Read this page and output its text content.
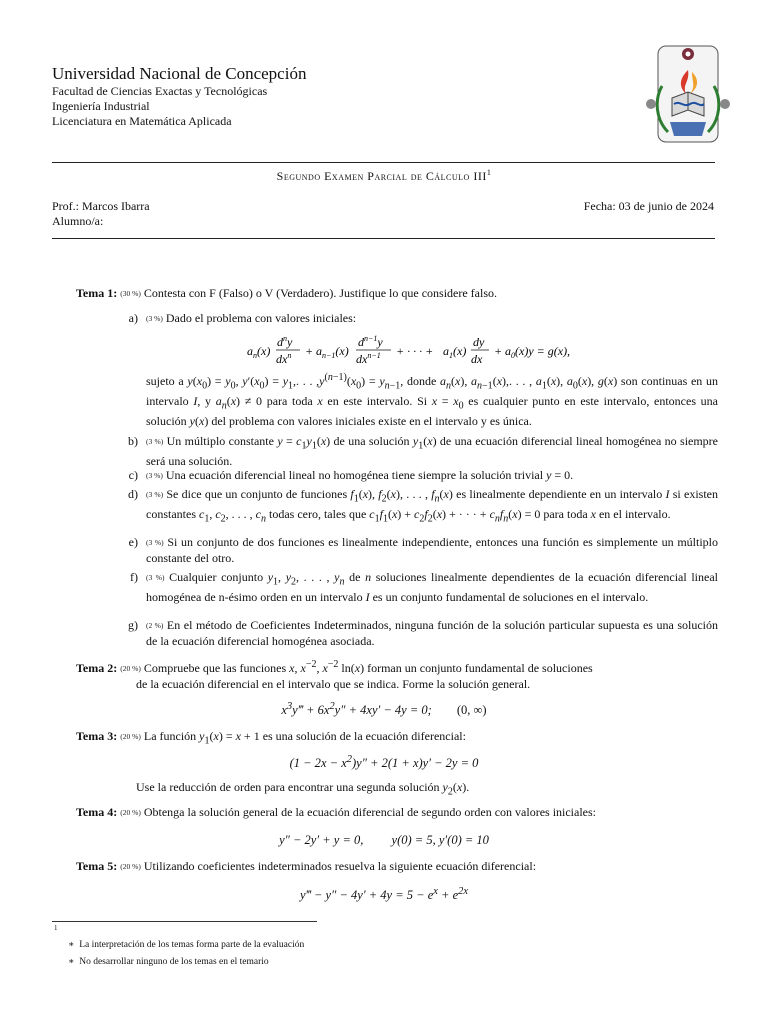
Universidad Nacional de Concepción
Facultad de Ciencias Exactas y Tecnológicas
Ingeniería Industrial
Licenciatura en Matemática Aplicada
Segundo Examen Parcial de Cálculo III$^1$
Prof.: Marcos Ibarra
Alumno/a:
Fecha: 03 de junio de 2024
Tema 1: (30 %) Contesta con F (Falso) o V (Verdadero). Justifique lo que considere falso.
a) (3 %) Dado el problema con valores iniciales:
$a_n(x)$
$d^ny$
$dx^n + a_{n-1}(x)$
$d^{n-1}y$
$dx^{n-1}$ + · · · + $a_1(x)$
dy
dx
+ $a_0(x)y = g(x)$,
sujeto a $y(x_0) = y_0$, $y'(x_0) = y_1$,. . . $,y^{(n-1)}(x_0) = y_{n-1}$, donde $a_n(x)$, $a_{n-1}(x)$,. . . , $a_1(x)$, $a_0(x)$, g(x) son continuas en un intervalo I, y $a_n(x) \ne 0$ para toda x en este intervalo. Si $x = x_0$ es cualquier punto en este intervalo, entonces una solución y(x) del problema con valores iniciales existe en el intervalo y es única.
b) (3 %) Un múltiplo constante $y = c_1y_1(x)$ de una solución $y_1(x)$ de una ecuación diferencial lineal homogénea no siempre será una solución.
c) (3 %) Una ecuación diferencial lineal no homogénea tiene siempre la solución trivial y = 0.
d) (3 %) Se dice que un conjunto de funciones $f_1(x)$, $f_2(x)$, . . . , $f_n(x)$ es linealmente dependiente en un intervalo I si existen constantes $c_1$, $c_2$, . . . , $c_n$ todas cero, tales que $c_1f_1(x) + c_2f_2(x)$ + · · · + $c_nf_n(x) = 0$ para toda x en el intervalo.
e) (3 %) Si un conjunto de dos funciones es linealmente independiente, entonces una función es simplemente un múltiplo constante del otro.
f) (3 %) Cualquier conjunto $y_1$, $y_2$, . . . , $y_n$ de n soluciones linealmente dependientes de la ecuación diferencial lineal homogénea de n-ésimo orden en un intervalo I es un conjunto fundamental de soluciones en el intervalo.
g) (2 %) En el método de Coeficientes Indeterminados, ninguna función de la solución particular supuesta es una solución de la ecuación diferencial homogénea asociada.
Tema 2: (20 %) Compruebe que las funciones x, $x^{-2}$, $x^{-2}$ ln(x) forman un conjunto fundamental de soluciones
de la ecuación diferencial en el intervalo que se indica. Forme la solución general.
$x^3y‴ + 6x^2y'' + 4xy' - 4y = 0$;        (0, ∞)
Tema 3: (20 %) La función $y_1(x) = x + 1$ es una solución de la ecuación diferencial:
$(1 - 2x - x^2)y'' + 2(1 + x)y' - 2y = 0$
Use la reducción de orden para encontrar una segunda solución $y_2(x)$.
Tema 4: (20 %) Obtenga la solución general de la ecuación diferencial de segundo orden con valores iniciales:
y″ − 2y′ + y = 0,         y(0) = 5, y′(0) = 10
Tema 5: (20 %) Utilizando coeficientes indeterminados resuelva la siguiente ecuación diferencial:
y‴ − $y'' - 4y' + 4y = 5 - e^x + e^{2x}$
1
∗  La interpretación de los temas forma parte de la evaluación
∗  No desarrollar ninguno de los temas en el temario
